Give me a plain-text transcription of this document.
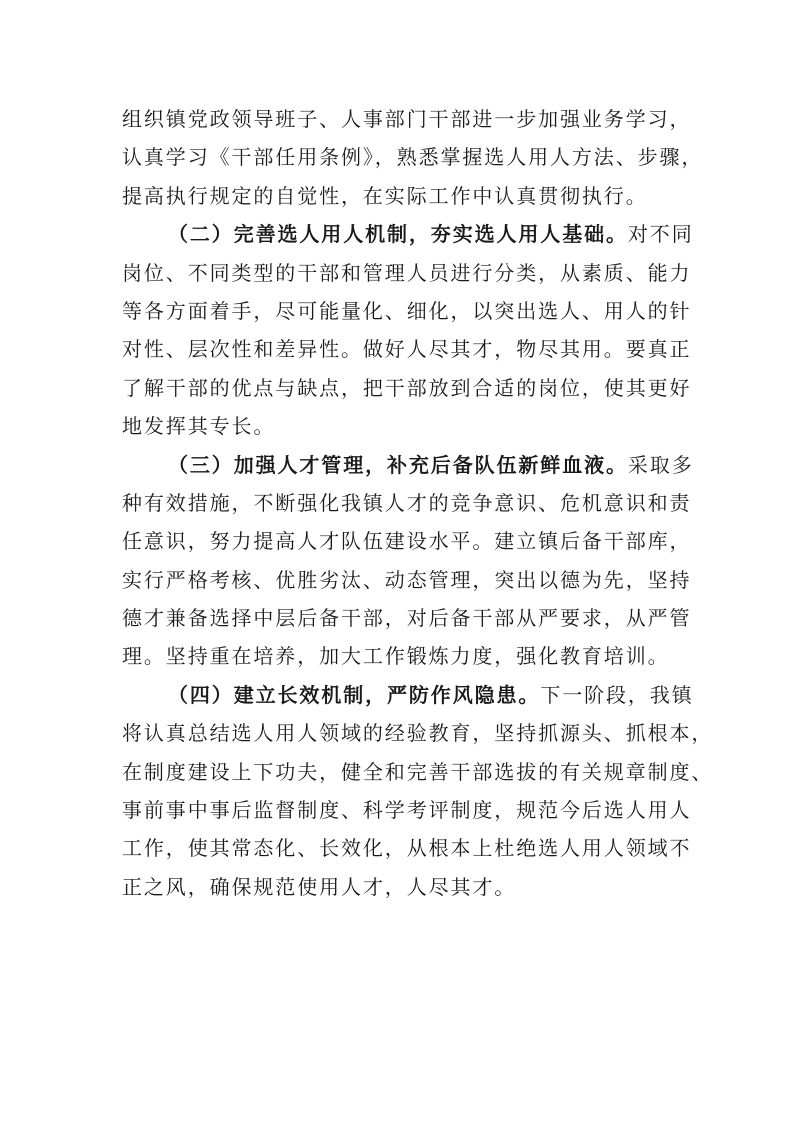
组织镇党政领导班子、人事部门干部进一步加强业务学习，
认真学习《干部任用条例》，熟悉掌握选人用人方法、步骤，
提高执行规定的自觉性，在实际工作中认真贯彻执行。
（二）完善选人用人机制，夯实选人用人基础。对不同
岗位、不同类型的干部和管理人员进行分类，从素质、能力
等各方面着手，尽可能量化、细化，以突出选人、用人的针
对性、层次性和差异性。做好人尽其才，物尽其用。要真正
了解干部的优点与缺点，把干部放到合适的岗位，使其更好
地发挥其专长。
（三）加强人才管理，补充后备队伍新鲜血液。采取多
种有效措施，不断强化我镇人才的竞争意识、危机意识和责
任意识，努力提高人才队伍建设水平。建立镇后备干部库，
实行严格考核、优胜劣汰、动态管理，突出以德为先，坚持
德才兼备选择中层后备干部，对后备干部从严要求，从严管
理。坚持重在培养，加大工作锻炼力度，强化教育培训。
（四）建立长效机制，严防作风隐患。下一阶段，我镇
将认真总结选人用人领域的经验教育，坚持抓源头、抓根本，
在制度建设上下功夫，健全和完善干部选拔的有关规章制度、
事前事中事后监督制度、科学考评制度，规范今后选人用人
工作，使其常态化、长效化，从根本上杜绝选人用人领域不
正之风，确保规范使用人才，人尽其才。
